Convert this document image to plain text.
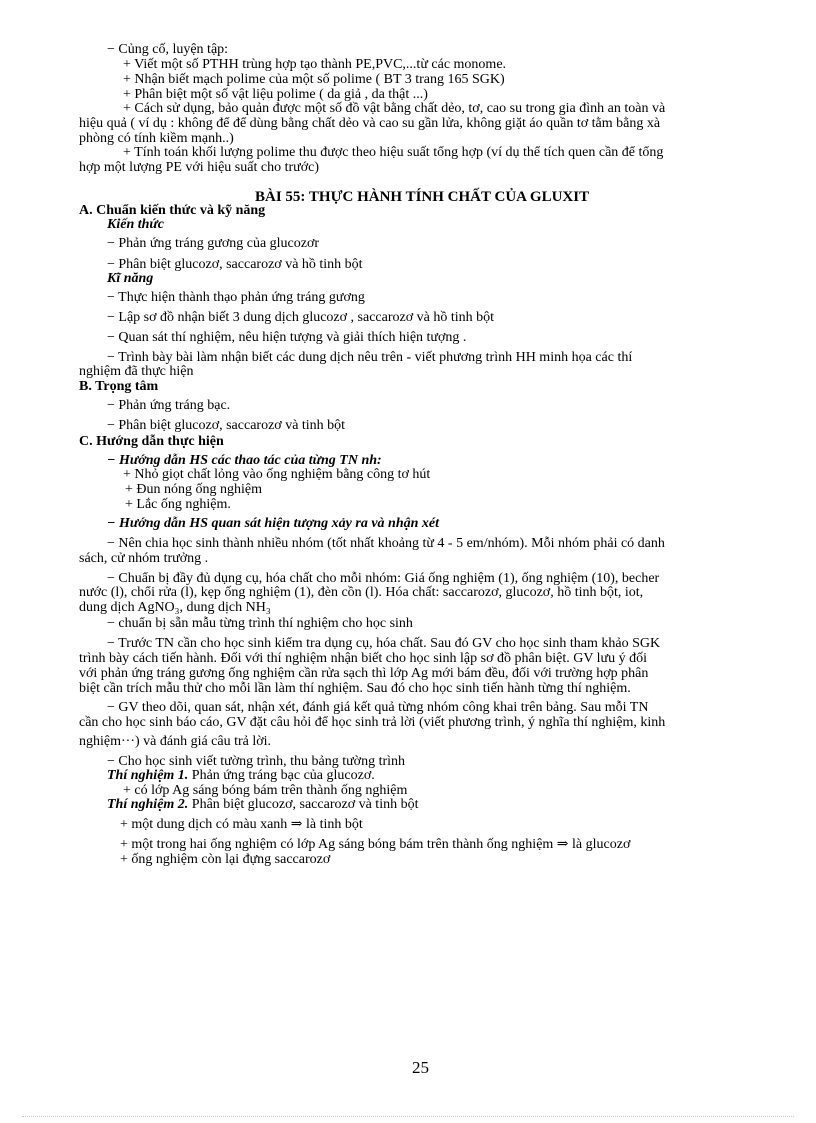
− Củng cố, luyện tập:
+ Viết một số PTHH trùng hợp tạo thành PE,PVC,...từ các monome.
+ Nhận biết mạch polime của một số polime ( BT 3 trang 165 SGK)
+ Phân biệt một số vật liệu polime ( da giả , da thật ...)
+ Cách sử dụng, bảo quản được một số đồ vật bằng chất dẻo, tơ, cao su trong gia đình an toàn và
hiệu quả ( ví dụ : không để để dùng bằng chất dẻo và cao su gần lửa, không giặt áo quần tơ tằm bằng xà
phòng có tính kiềm mạnh..)
+ Tính toán khối lượng polime thu được theo hiệu suất tổng hợp (ví dụ thể tích quen cần để tổng
hợp một lượng PE với hiệu suất cho trước)
BÀI 55: THỰC HÀNH TÍNH CHẤT CỦA GLUXIT
A. Chuẩn kiến thức và kỹ năng
Kiến thức
− Phản ứng tráng gương của glucozơr
− Phân biệt glucozơ, saccarozơ và hồ tinh bột
Kĩ năng
− Thực hiện thành thạo phản ứng tráng gương
− Lập sơ đồ nhận biết 3 dung dịch glucozơ , saccarozơ và hồ tinh bột
− Quan sát thí nghiệm, nêu hiện tượng và giải thích hiện tượng .
− Trình bày bài làm nhận biết các dung dịch nêu trên - viết phương trình HH minh họa các thí
nghiệm đã thực hiện
B. Trọng tâm
− Phản ứng tráng bạc.
− Phân biệt glucozơ, saccarozơ và tinh bột
C. Hướng dẫn thực hiện
− Hướng dẫn HS các thao tác của từng TN nh:
+ Nhỏ giọt chất lỏng vào ống nghiệm bằng công tơ hút
+ Đun nóng ống nghiệm
+ Lắc ống nghiệm.
− Hướng dẫn HS quan sát hiện tượng xảy ra và nhận xét
− Nên chia học sinh thành nhiều nhóm (tốt nhất khoảng từ 4 - 5 em/nhóm). Mỗi nhóm phải có danh
sách, cử nhóm trưởng .
− Chuẩn bị đầy đủ dụng cụ, hóa chất cho mỗi nhóm: Giá ống nghiệm (1), ống nghiệm (10), becher
nước (l), chổi rửa (l), kẹp ống nghiệm (1), đèn cồn (l). Hóa chất: saccarozơ, glucozơ, hồ tinh bột, iot,
dung dịch AgNO₃, dung dịch NH₃
− chuẩn bị sẵn mẫu từng trình thí nghiệm cho học sinh
− Trước TN cần cho học sinh kiểm tra dụng cụ, hóa chất. Sau đó GV cho học sinh tham khảo SGK
trình bày cách tiến hành. Đối với thí nghiệm nhận biết cho học sinh lập sơ đồ phân biệt. GV lưu ý đối
với phản ứng tráng gương ống nghiệm cần rửa sạch thì lớp Ag mới bám đều, đối với trường hợp phân
biệt cần trích mẫu thử cho mỗi lần làm thí nghiệm. Sau đó cho học sinh tiến hành từng thí nghiệm.
− GV theo dõi, quan sát, nhận xét, đánh giá kết quả từng nhóm công khai trên bảng. Sau mỗi TN
cần cho học sinh báo cáo, GV đặt câu hỏi để học sinh trả lời (viết phương trình, ý nghĩa thí nghiệm, kinh
nghiệm···) và đánh giá câu trả lời.
− Cho học sinh viết tường trình, thu bảng tường trình
Thí nghiệm 1. Phản ứng tráng bạc của glucozơ.
+ có lớp Ag sáng bóng bám trên thành ống nghiệm
Thí nghiệm 2. Phân biệt glucozơ, saccarozơ và tinh bột
+ một dung dịch có màu xanh ⇒ là tinh bột
+ một trong hai ống nghiệm có lớp Ag sáng bóng bám trên thành ống nghiệm ⇒ là glucozơ
+ ống nghiệm còn lại đựng saccarozơ
25
